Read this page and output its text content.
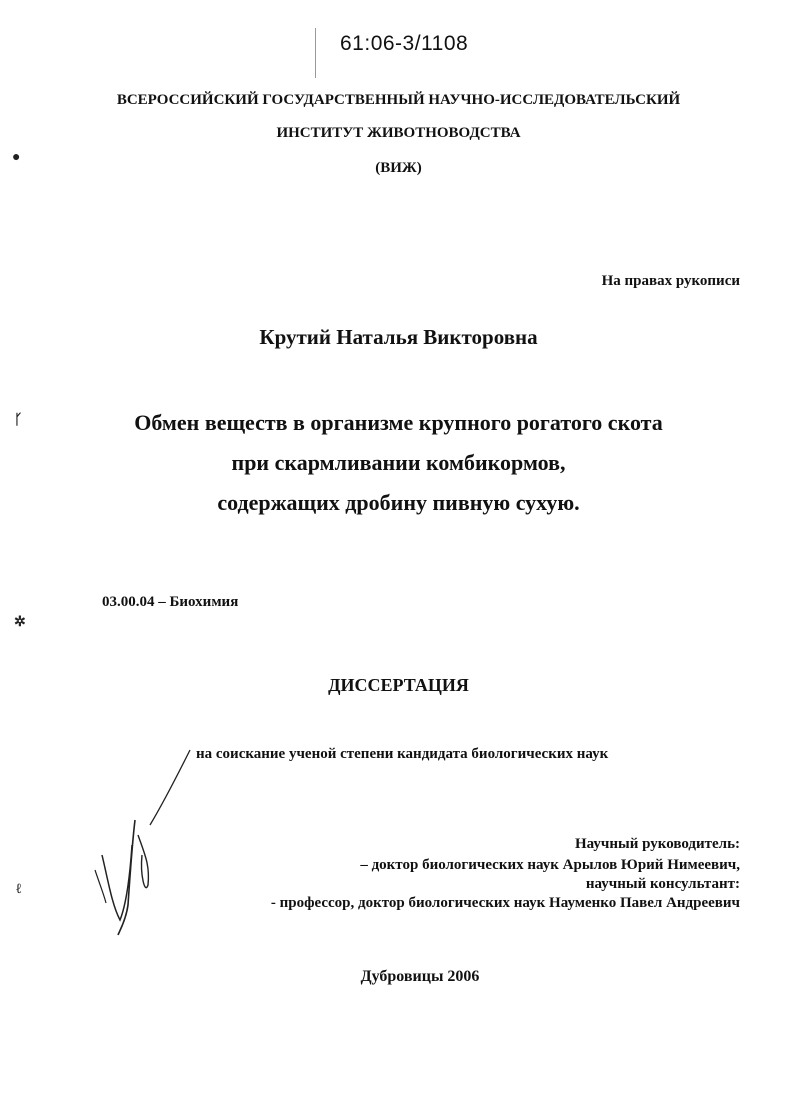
61:06-3/1108
ВСЕРОССИЙСКИЙ ГОСУДАРСТВЕННЫЙ НАУЧНО-ИССЛЕДОВАТЕЛЬСКИЙ
ИНСТИТУТ ЖИВОТНОВОДСТВА
(ВИЖ)
На правах рукописи
Крутий Наталья Викторовна
Обмен веществ в организме крупного рогатого скота
при скармливании комбикормов,
содержащих дробину пивную сухую.
03.00.04 – Биохимия
ДИССЕРТАЦИЯ
на соискание ученой степени кандидата биологических наук
Научный руководитель:
– доктор биологических наук Арылов Юрий Нимеевич,
научный консультант:
- профессор, доктор биологических наук Науменко Павел Андреевич
Дубровицы 2006
●
ᚴ
✲
ℓ
